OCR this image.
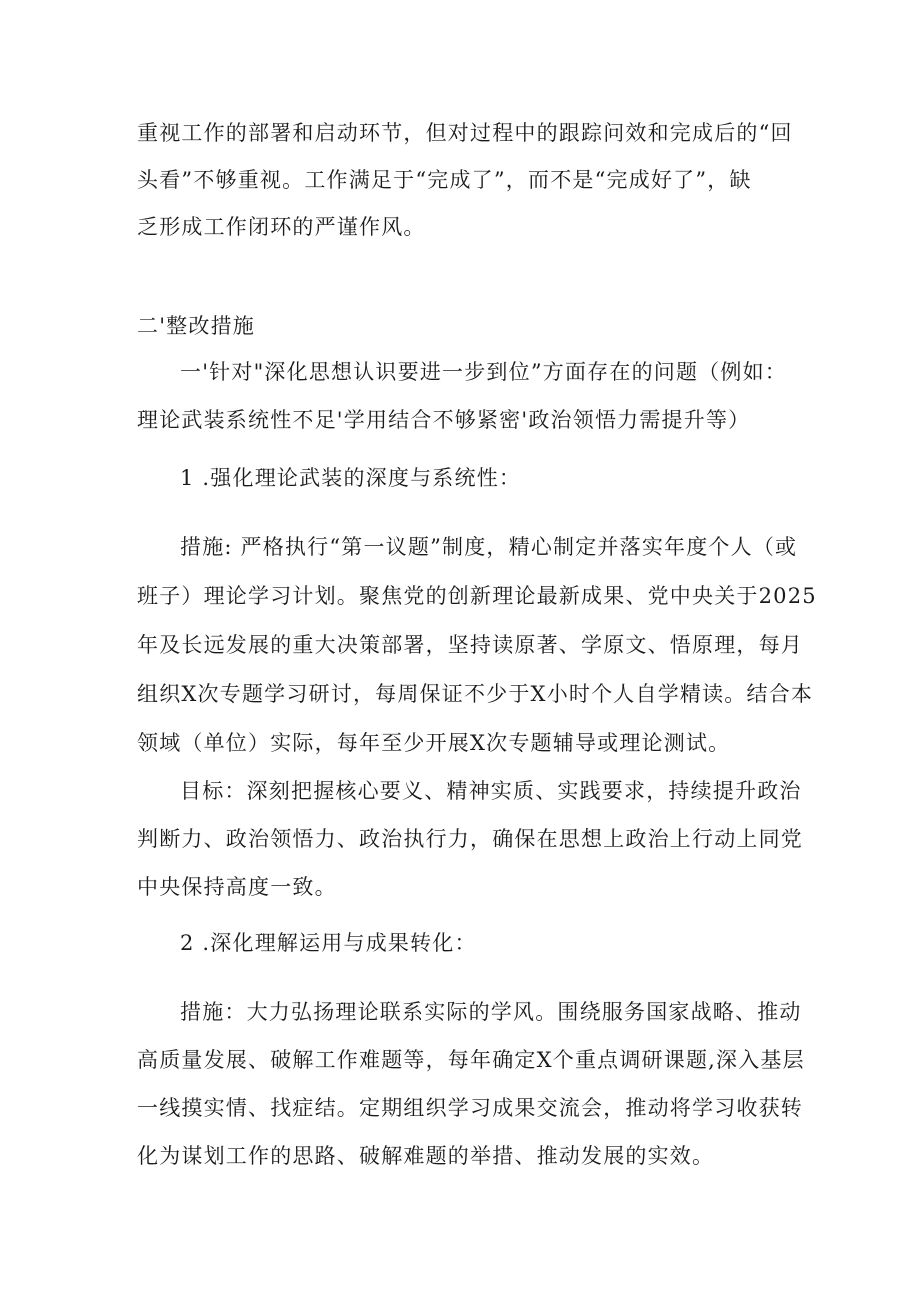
重视工作的部署和启动环节，但对过程中的跟踪问效和完成后的“回
头看”不够重视。工作满足于“完成了”，而不是“完成好了”，缺
乏形成工作闭环的严谨作风。
二'整改措施
一'针对"深化思想认识要进一步到位”方面存在的问题（例如：
理论武装系统性不足'学用结合不够紧密'政治领悟力需提升等）
1 .强化理论武装的深度与系统性：
措施: 严格执行“第一议题”制度，精心制定并落实年度个人（或
班子）理论学习计划。聚焦党的创新理论最新成果、党中央关于2025
年及长远发展的重大决策部署，坚持读原著、学原文、悟原理，每月
组织X次专题学习研讨，每周保证不少于X小时个人自学精读。结合本
领域（单位）实际，每年至少开展X次专题辅导或理论测试。
目标：深刻把握核心要义、精神实质、实践要求，持续提升政治
判断力、政治领悟力、政治执行力，确保在思想上政治上行动上同党
中央保持高度一致。
2 .深化理解运用与成果转化：
措施：大力弘扬理论联系实际的学风。围绕服务国家战略、推动
高质量发展、破解工作难题等，每年确定X个重点调研课题,深入基层
一线摸实情、找症结。定期组织学习成果交流会，推动将学习收获转
化为谋划工作的思路、破解难题的举措、推动发展的实效。
